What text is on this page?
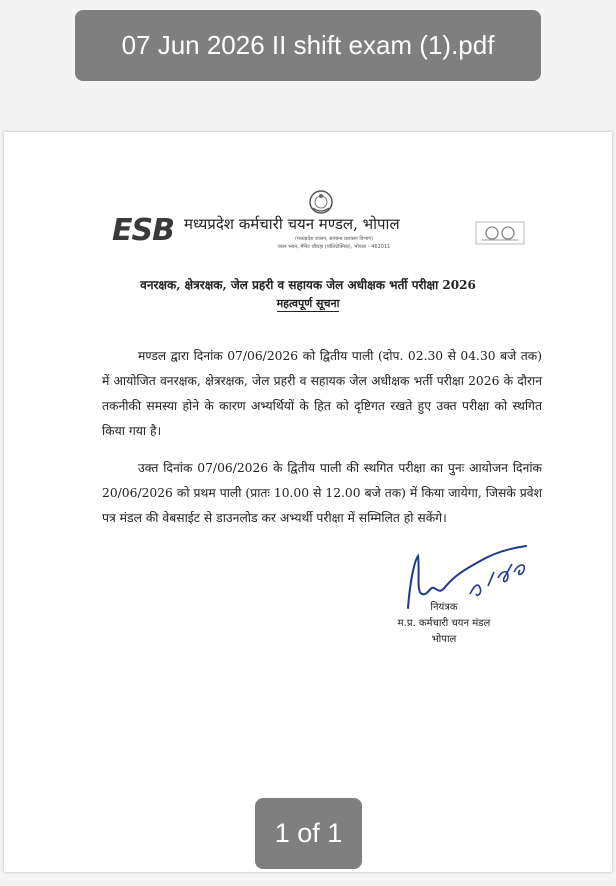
07 Jun 2026 II shift exam (1).pdf
ESB मध्यप्रदेश कर्मचारी चयन मण्डल, भोपाल
(मध्यप्रदेश शासन, सामान्य प्रशासन विभाग)
चयन भवन, मैनिट चौराहा (पॉलिटेक्निक), भोपाल - 462011
वनरक्षक, क्षेत्ररक्षक, जेल प्रहरी व सहायक जेल अधीक्षक भर्ती परीक्षा 2026
महत्वपूर्ण सूचना

मण्डल द्वारा दिनांक 07/06/2026 को द्वितीय पाली (दोप. 02.30 से 04.30 बजे तक) में आयोजित वनरक्षक, क्षेत्ररक्षक, जेल प्रहरी व सहायक जेल अधीक्षक भर्ती परीक्षा 2026 के दौरान तकनीकी समस्या होने के कारण अभ्यर्थियों के हित को दृष्टिगत रखते हुए उक्त परीक्षा को स्थगित किया गया है।

उक्त दिनांक 07/06/2026 के द्वितीय पाली की स्थगित परीक्षा का पुनः आयोजन दिनांक 20/06/2026 को प्रथम पाली (प्रातः 10.00 से 12.00 बजे तक) में किया जायेगा, जिसके प्रवेश पत्र मंडल की वेबसाईट से डाउनलोड कर अभ्यर्थी परीक्षा में सम्मिलित हो सकेंगे।

नियंत्रक
म.प्र. कर्मचारी चयन मंडल
भोपाल
1 of 1
